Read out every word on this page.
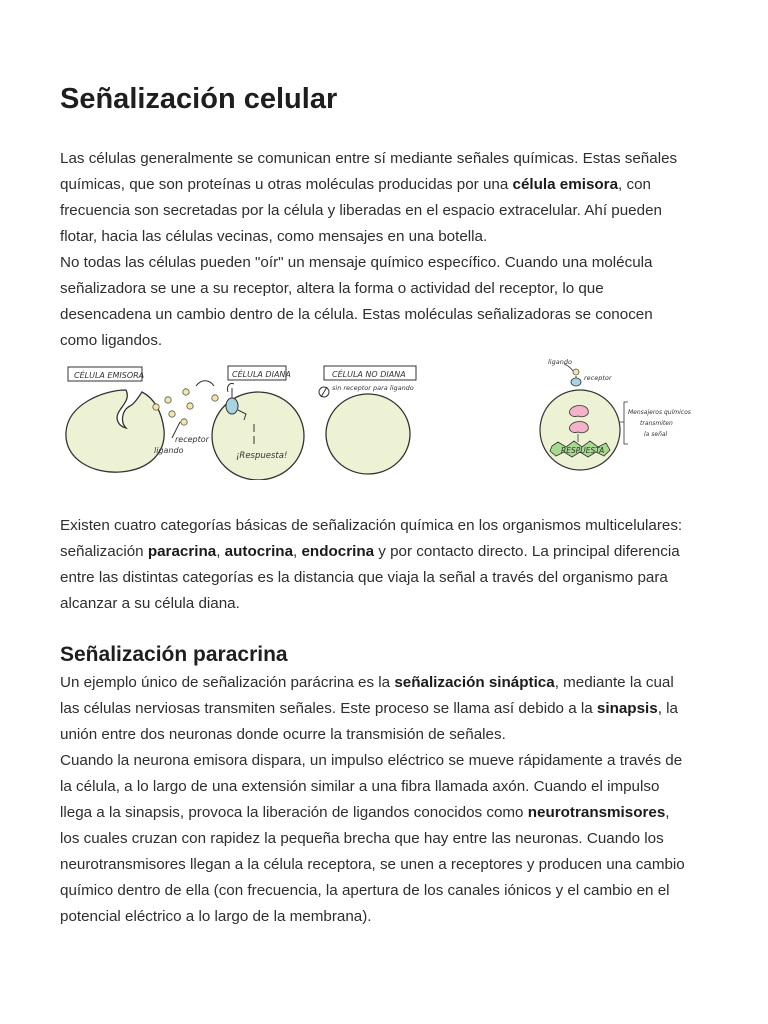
Señalización celular
Las células generalmente se comunican entre sí mediante señales químicas. Estas señales
químicas, que son proteínas u otras moléculas producidas por una célula emisora, con
frecuencia son secretadas por la célula y liberadas en el espacio extracelular. Ahí pueden
flotar, hacia las células vecinas, como mensajes en una botella.
No todas las células pueden "oír" un mensaje químico específico. Cuando una molécula
señalizadora se une a su receptor, altera la forma o actividad del receptor, lo que
desencadena un cambio dentro de la célula. Estas moléculas señalizadoras se conocen
como ligandos.
CÉLULA EMISORA
receptor
ligando
CÉLULA DIANA
¡Respuesta!
CÉLULA NO DIANA
sin receptor para ligando
ligando
receptor
RESPUESTA
Mensajeros químicos
transmiten
la señal
Existen cuatro categorías básicas de señalización química en los organismos multicelulares:
señalización paracrina, autocrina, endocrina y por contacto directo. La principal diferencia
entre las distintas categorías es la distancia que viaja la señal a través del organismo para
alcanzar a su célula diana.
Señalización paracrina
Un ejemplo único de señalización parácrina es la señalización sináptica, mediante la cual
las células nerviosas transmiten señales. Este proceso se llama así debido a la sinapsis, la
unión entre dos neuronas donde ocurre la transmisión de señales.
Cuando la neurona emisora dispara, un impulso eléctrico se mueve rápidamente a través de
la célula, a lo largo de una extensión similar a una fibra llamada axón. Cuando el impulso
llega a la sinapsis, provoca la liberación de ligandos conocidos como neurotransmisores,
los cuales cruzan con rapidez la pequeña brecha que hay entre las neuronas. Cuando los
neurotransmisores llegan a la célula receptora, se unen a receptores y producen una cambio
químico dentro de ella (con frecuencia, la apertura de los canales iónicos y el cambio en el
potencial eléctrico a lo largo de la membrana).
